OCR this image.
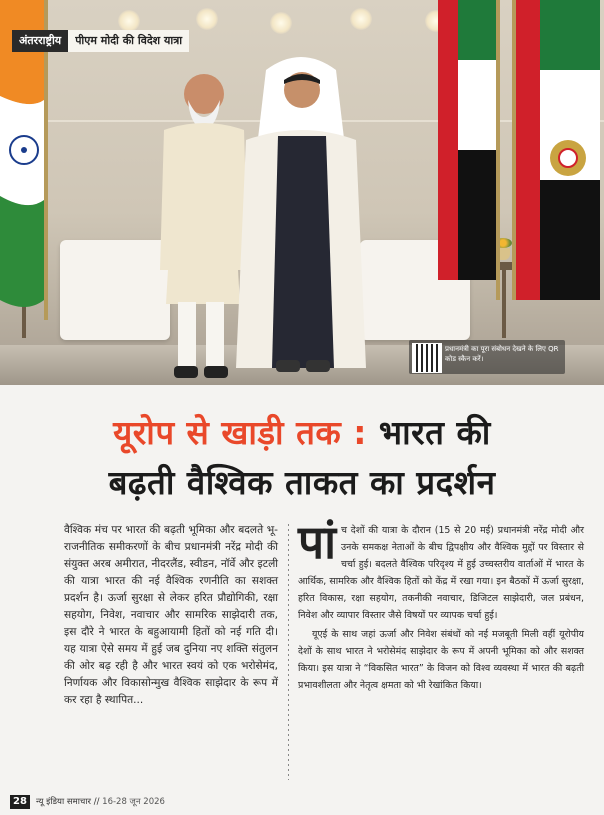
अंतरराष्ट्रीय	पीएम मोदी की विदेश यात्रा
प्रधानमंत्री का पूरा संबोधन देखने के लिए QR कोड स्कैन करें।
यूरोप से खाड़ी तक : भारत की
बढ़ती वैश्विक ताकत का प्रदर्शन
वैश्विक मंच पर भारत की बढ़ती भूमिका और बदलते भू-राजनीतिक समीकरणों के बीच प्रधानमंत्री नरेंद्र मोदी की संयुक्त अरब अमीरात, नीदरलैंड, स्वीडन, नॉर्वे और इटली की यात्रा भारत की नई वैश्विक रणनीति का सशक्त प्रदर्शन है। ऊर्जा सुरक्षा से लेकर हरित प्रौद्योगिकी, रक्षा सहयोग, निवेश, नवाचार और सामरिक साझेदारी तक, इस दौरे ने भारत के बहुआयामी हितों को नई गति दी। यह यात्रा ऐसे समय में हुई जब दुनिया नए शक्ति संतुलन की ओर बढ़ रही है और भारत स्वयं को एक भरोसेमंद, निर्णायक और विकासोन्मुख वैश्विक साझेदार के रूप में कर रहा है स्थापित...

पांच देशों की यात्रा के दौरान (15 से 20 मई) प्रधानमंत्री नरेंद्र मोदी और उनके समकक्ष नेताओं के बीच द्विपक्षीय और वैश्विक मुद्दों पर विस्तार से चर्चा हुई। बदलते वैश्विक परिदृश्य में हुई उच्चस्तरीय वार्ताओं में भारत के आर्थिक, सामरिक और वैश्विक हितों को केंद्र में रखा गया। इन बैठकों में ऊर्जा सुरक्षा, हरित विकास, रक्षा सहयोग, तकनीकी नवाचार, डिजिटल साझेदारी, जल प्रबंधन, निवेश और व्यापार विस्तार जैसे विषयों पर व्यापक चर्चा हुई।

यूएई के साथ जहां ऊर्जा और निवेश संबंधों को नई मजबूती मिली वहीं यूरोपीय देशों के साथ भारत ने भरोसेमंद साझेदार के रूप में अपनी भूमिका को और सशक्त किया। इस यात्रा ने “विकसित भारत” के विजन को विश्व व्यवस्था में भारत की बढ़ती प्रभावशीलता और नेतृत्व क्षमता को भी रेखांकित किया।

28	न्यू इंडिया समाचार // 16-28 जून 2026
